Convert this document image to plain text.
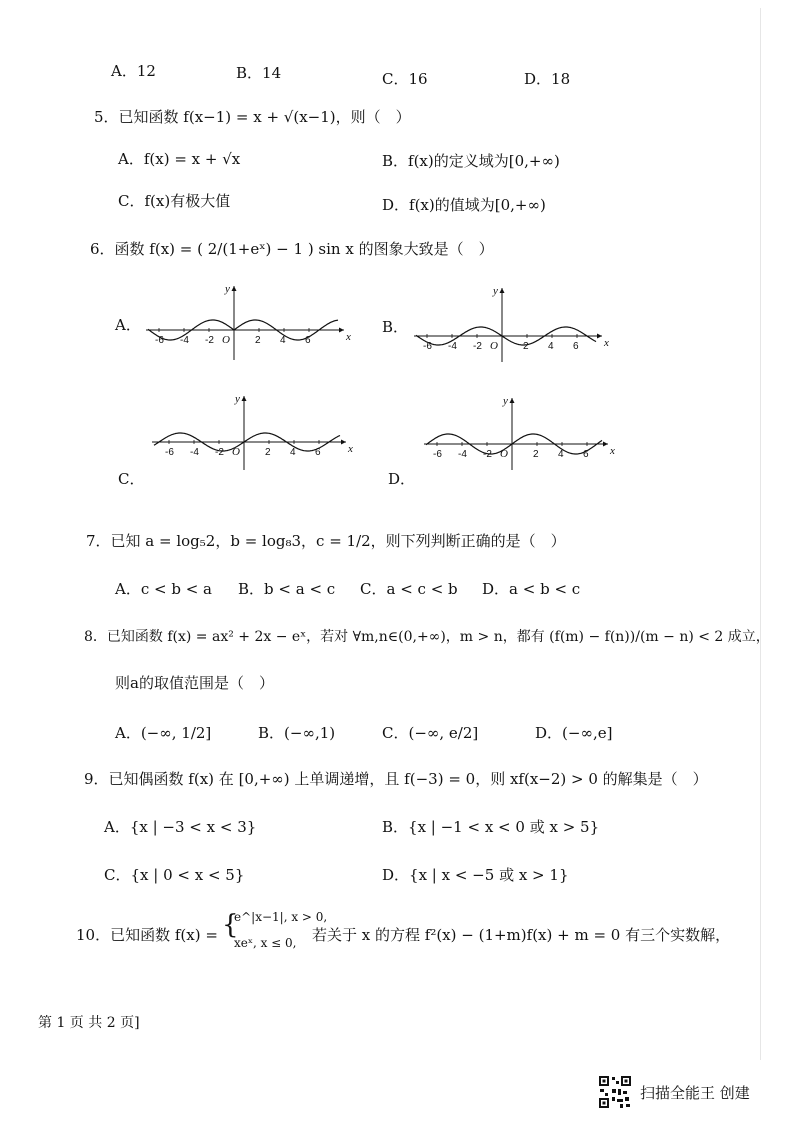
A．12	B．14	C．16	D．18
5．已知函数 f(x−1) = x + √(x−1)，则（　）
A．f(x) = x + √x	B．f(x)的定义域为[0,+∞)
C．f(x)有极大值	D．f(x)的值域为[0,+∞)
6．函数 f(x) = ( 2/(1+eˣ) − 1 ) sin x 的图象大致是（　）
A．	B．
C．	D．
x
y
O
-6 -4 -2	2 4 6	x
y
O
-6 -4 -2	2 4 6
x
y
O
-6 -4 -2	2 4 6	x
y
O
-6 -4 -2	2 4 6
7．已知 a = log₅2，b = log₈3，c = 1/2，则下列判断正确的是（　）
A．c < b < a B．b < a < c C．a < c < b D．a < b < c
8．已知函数 f(x) = ax² + 2x − eˣ，若对 ∀m,n∈(0,+∞)，m > n，都有 (f(m) − f(n))/(m − n) < 2 成立，
则a的取值范围是（　）
A．(−∞, 1/2]	B．(−∞,1)	C．(−∞, e/2]	D．(−∞,e]
9．已知偶函数 f(x) 在 [0,+∞) 上单调递增，且 f(−3) = 0，则 xf(x−2) > 0 的解集是（　）
A．{x | −3 < x < 3}	B．{x | −1 < x < 0 或 x > 5}
C．{x | 0 < x < 5}	D．{x | x < −5 或 x > 1}
10．已知函数 f(x) = {
e^|x−1|, x > 0,
xeˣ, x ≤ 0, 若关于 x 的方程 f²(x) − (1+m)f(x) + m = 0 有三个实数解，
第 1 页 共 2 页]
扫描全能王 创建
